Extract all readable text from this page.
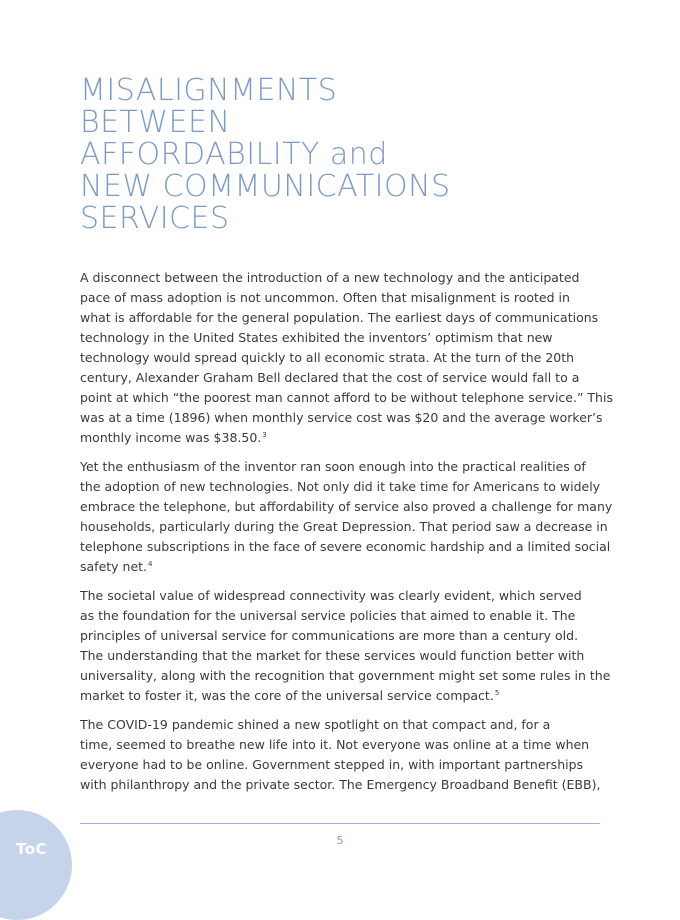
MISALIGNMENTS
BETWEEN
AFFORDABILITY and
NEW COMMUNICATIONS
SERVICES

A disconnect between the introduction of a new technology and the anticipated
pace of mass adoption is not uncommon. Often that misalignment is rooted in
what is affordable for the general population. The earliest days of communications
technology in the United States exhibited the inventors’ optimism that new
technology would spread quickly to all economic strata. At the turn of the 20th
century, Alexander Graham Bell declared that the cost of service would fall to a
point at which “the poorest man cannot afford to be without telephone service.” This
was at a time (1896) when monthly service cost was $20 and the average worker’s
monthly income was $38.50.$^3$

Yet the enthusiasm of the inventor ran soon enough into the practical realities of
the adoption of new technologies. Not only did it take time for Americans to widely
embrace the telephone, but affordability of service also proved a challenge for many
households, particularly during the Great Depression. That period saw a decrease in
telephone subscriptions in the face of severe economic hardship and a limited social
safety net.$^4$

The societal value of widespread connectivity was clearly evident, which served
as the foundation for the universal service policies that aimed to enable it. The
principles of universal service for communications are more than a century old.
The understanding that the market for these services would function better with
universality, along with the recognition that government might set some rules in the
market to foster it, was the core of the universal service compact.$^5$

The COVID-19 pandemic shined a new spotlight on that compact and, for a
time, seemed to breathe new life into it. Not everyone was online at a time when
everyone had to be online. Government stepped in, with important partnerships
with philanthropy and the private sector. The Emergency Broadband Benefit (EBB),

5
ToC
